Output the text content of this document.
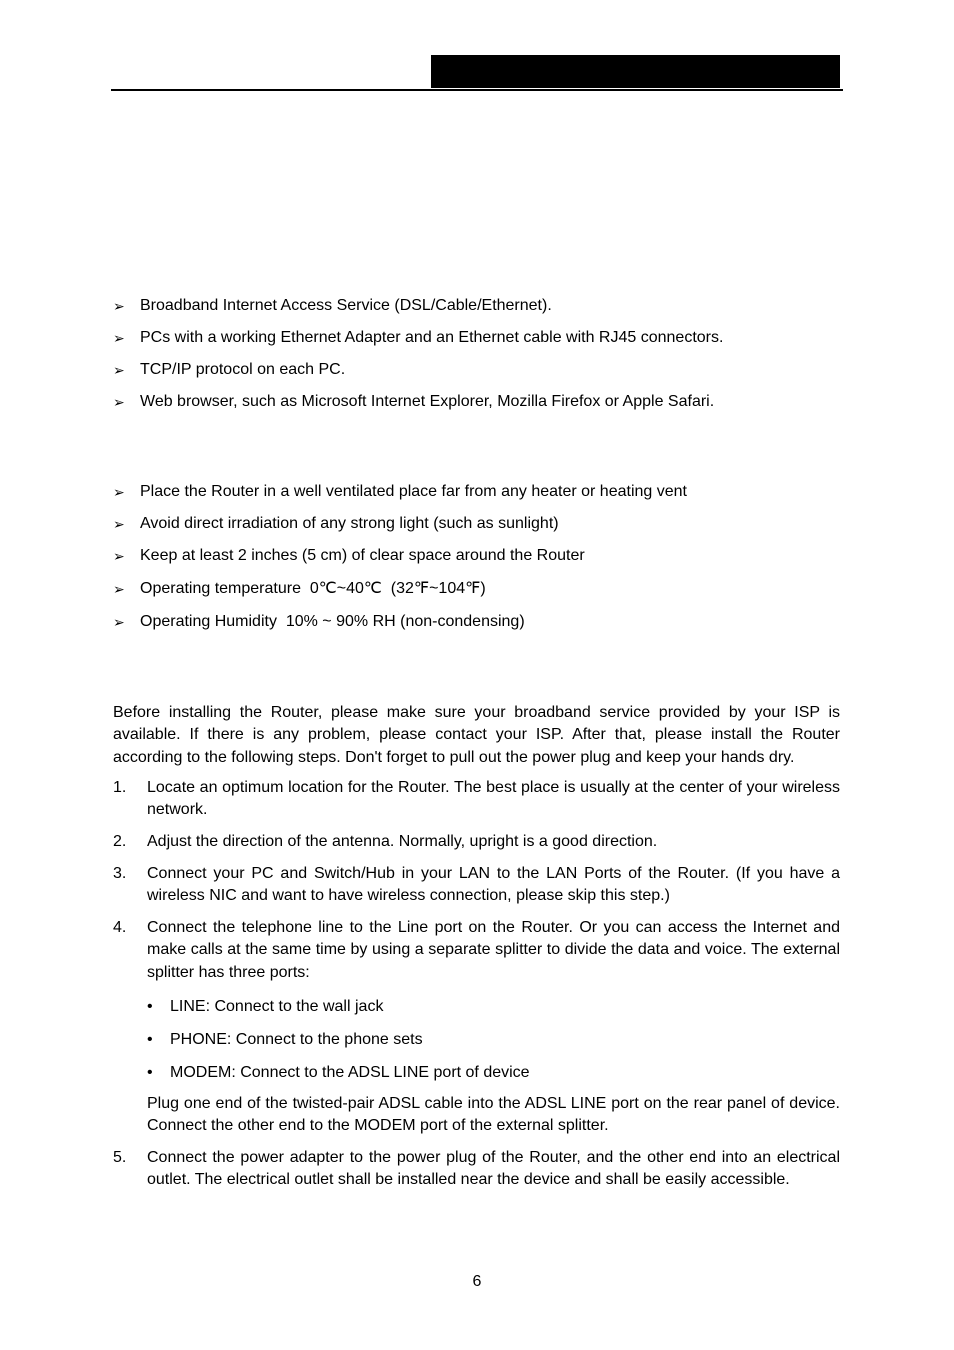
➢ Broadband Internet Access Service (DSL/Cable/Ethernet).
➢ PCs with a working Ethernet Adapter and an Ethernet cable with RJ45 connectors.
➢ TCP/IP protocol on each PC.
➢ Web browser, such as Microsoft Internet Explorer, Mozilla Firefox or Apple Safari.
➢ Place the Router in a well ventilated place far from any heater or heating vent
➢ Avoid direct irradiation of any strong light (such as sunlight)
➢ Keep at least 2 inches (5 cm) of clear space around the Router
➢ Operating temperature  0℃~40℃  (32℉~104℉)
➢ Operating Humidity  10% ~ 90% RH (non-condensing)
Before installing the Router, please make sure your broadband service provided by your ISP is available. If there is any problem, please contact your ISP. After that, please install the Router according to the following steps. Don't forget to pull out the power plug and keep your hands dry.
1. Locate an optimum location for the Router. The best place is usually at the center of your wireless network.
2. Adjust the direction of the antenna. Normally, upright is a good direction.
3. Connect your PC and Switch/Hub in your LAN to the LAN Ports of the Router. (If you have a wireless NIC and want to have wireless connection, please skip this step.)
4. Connect the telephone line to the Line port on the Router. Or you can access the Internet and make calls at the same time by using a separate splitter to divide the data and voice. The external splitter has three ports:
• LINE: Connect to the wall jack
• PHONE: Connect to the phone sets
• MODEM: Connect to the ADSL LINE port of device
Plug one end of the twisted-pair ADSL cable into the ADSL LINE port on the rear panel of device. Connect the other end to the MODEM port of the external splitter.
5. Connect the power adapter to the power plug of the Router, and the other end into an electrical outlet. The electrical outlet shall be installed near the device and shall be easily accessible.
6
